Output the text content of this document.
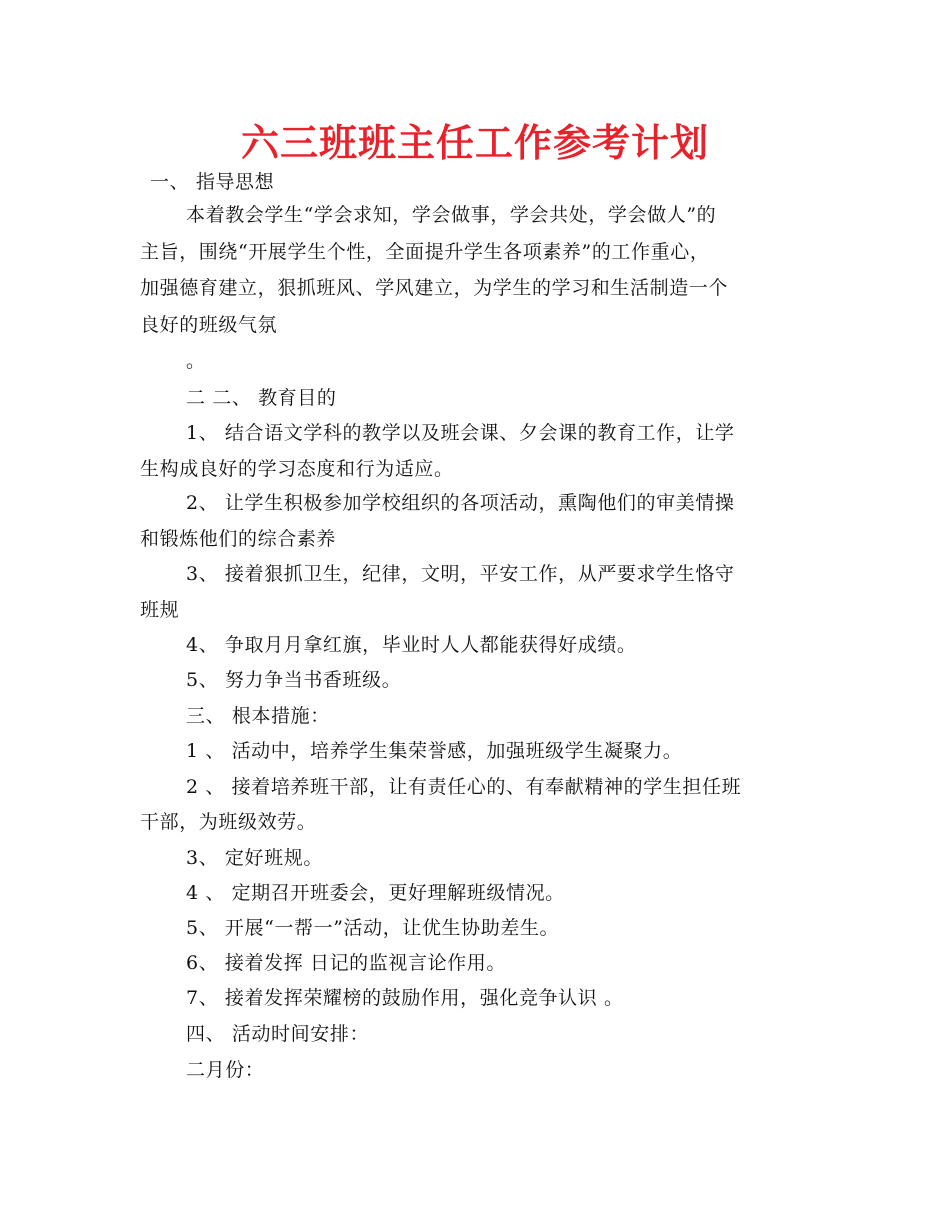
六三班班主任工作参考计划
一、 指导思想
本着教会学生“学会求知，学会做事，学会共处，学会做人”的
主旨，围绕“开展学生个性，全面提升学生各项素养”的工作重心，
加强德育建立，狠抓班风、学风建立，为学生的学习和生活制造一个
良好的班级气氛
。
二 二、 教育目的
1、 结合语文学科的教学以及班会课、夕会课的教育工作，让学
生构成良好的学习态度和行为适应。
2、 让学生积极参加学校组织的各项活动，熏陶他们的审美情操
和锻炼他们的综合素养
3、 接着狠抓卫生，纪律，文明，平安工作，从严要求学生恪守
班规
4、 争取月月拿红旗，毕业时人人都能获得好成绩。
5、 努力争当书香班级。
三、 根本措施：
1 、 活动中，培养学生集荣誉感，加强班级学生凝聚力。
2 、 接着培养班干部，让有责任心的、有奉献精神的学生担任班
干部，为班级效劳。
3、 定好班规。
4 、 定期召开班委会，更好理解班级情况。
5、 开展“一帮一”活动，让优生协助差生。
6、 接着发挥 日记的监视言论作用。
7、 接着发挥荣耀榜的鼓励作用，强化竞争认识 。
四、 活动时间安排：
二月份：
